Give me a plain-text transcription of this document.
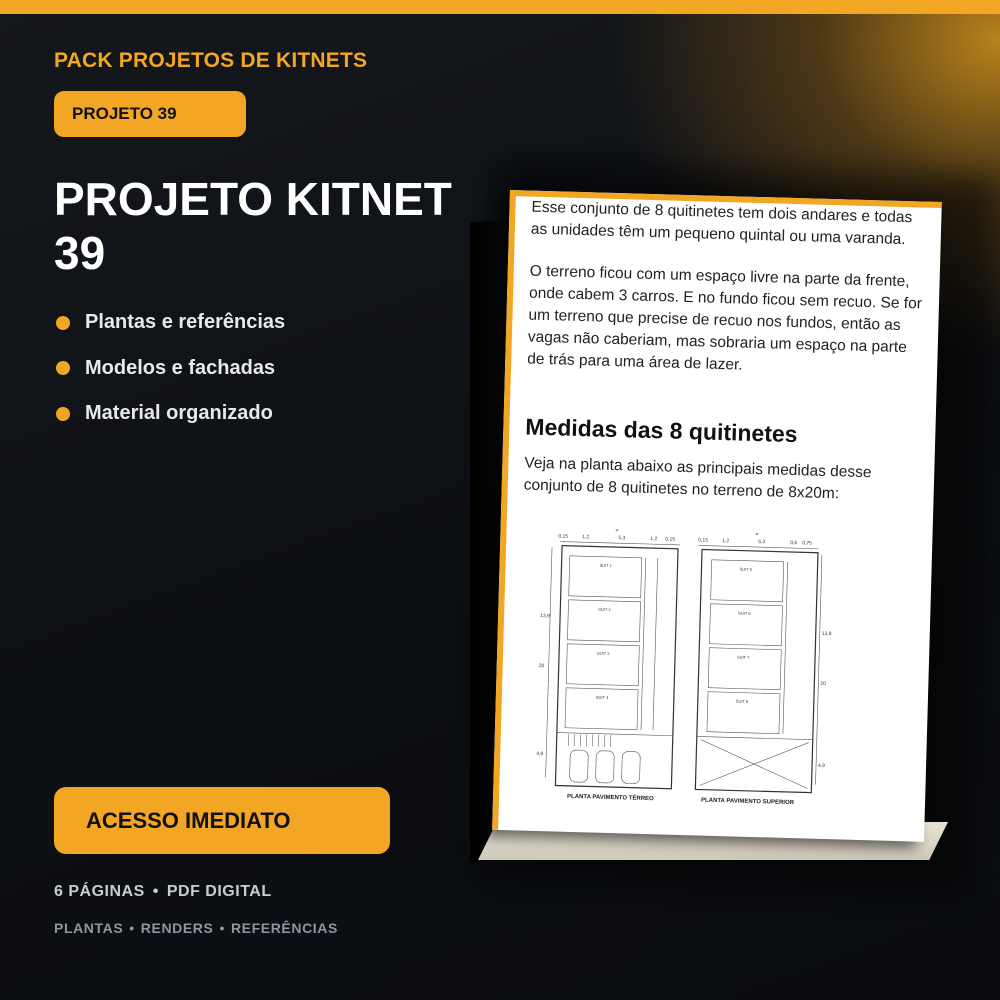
PACK PROJETOS DE KITNETS
PROJETO 39
PROJETO KITNET
39
Plantas e referências
Modelos e fachadas
Material organizado
ACESSO IMEDIATO
6 PÁGINAS • PDF DIGITAL
PLANTAS • RENDERS • REFERÊNCIAS

Esse conjunto de 8 quitinetes tem dois andares e todas as unidades têm um pequeno quintal ou uma varanda.

O terreno ficou com um espaço livre na parte da frente, onde cabem 3 carros. E no fundo ficou sem recuo. Se for um terreno que precise de recuo nos fundos, então as vagas não caberiam, mas sobraria um espaço na parte de trás para uma área de lazer.

Medidas das 8 quitinetes

Veja na planta abaixo as principais medidas desse conjunto de 8 quitinetes no terreno de 8x20m:

0,15	1,2	5,3	1,2 0,15
8
0,15	1,2	5,3	0,6 0,75
8
13,9
20
4,9
13,9
20
4,9
SUIT 1
SUIT 2
SUIT 3
SUIT 4
SUIT 5
SUIT 6
SUIT 7
SUIT 8
PLANTA PAVIMENTO TÉRREO	PLANTA PAVIMENTO SUPERIOR
